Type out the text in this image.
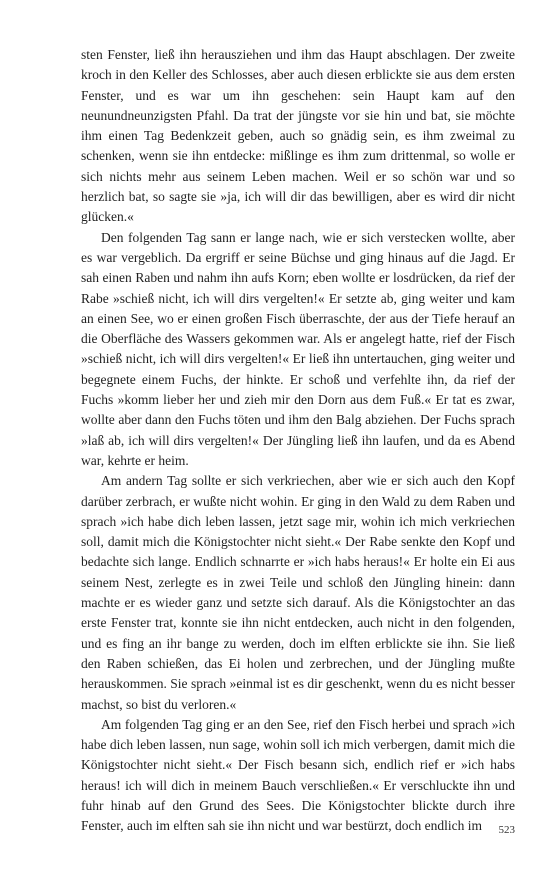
sten Fenster, ließ ihn herausziehen und ihm das Haupt abschlagen. Der zweite kroch in den Keller des Schlosses, aber auch diesen erblickte sie aus dem ersten Fenster, und es war um ihn geschehen: sein Haupt kam auf den neunundneunzigsten Pfahl. Da trat der jüngste vor sie hin und bat, sie möchte ihm einen Tag Bedenkzeit geben, auch so gnädig sein, es ihm zweimal zu schenken, wenn sie ihn entdecke: mißlinge es ihm zum drittenmal, so wolle er sich nichts mehr aus seinem Leben machen. Weil er so schön war und so herzlich bat, so sagte sie »ja, ich will dir das bewilligen, aber es wird dir nicht glücken.«

Den folgenden Tag sann er lange nach, wie er sich verstecken wollte, aber es war vergeblich. Da ergriff er seine Büchse und ging hinaus auf die Jagd. Er sah einen Raben und nahm ihn aufs Korn; eben wollte er losdrücken, da rief der Rabe »schieß nicht, ich will dirs vergelten!« Er setzte ab, ging weiter und kam an einen See, wo er einen großen Fisch überraschte, der aus der Tiefe herauf an die Oberfläche des Wassers gekommen war. Als er angelegt hatte, rief der Fisch »schieß nicht, ich will dirs vergelten!« Er ließ ihn untertauchen, ging weiter und begegnete einem Fuchs, der hinkte. Er schoß und verfehlte ihn, da rief der Fuchs »komm lieber her und zieh mir den Dorn aus dem Fuß.« Er tat es zwar, wollte aber dann den Fuchs töten und ihm den Balg abziehen. Der Fuchs sprach »laß ab, ich will dirs vergelten!« Der Jüngling ließ ihn laufen, und da es Abend war, kehrte er heim.

Am andern Tag sollte er sich verkriechen, aber wie er sich auch den Kopf darüber zerbrach, er wußte nicht wohin. Er ging in den Wald zu dem Raben und sprach »ich habe dich leben lassen, jetzt sage mir, wohin ich mich verkriechen soll, damit mich die Königstochter nicht sieht.« Der Rabe senkte den Kopf und bedachte sich lange. Endlich schnarrte er »ich habs heraus!« Er holte ein Ei aus seinem Nest, zerlegte es in zwei Teile und schloß den Jüngling hinein: dann machte er es wieder ganz und setzte sich darauf. Als die Königstochter an das erste Fenster trat, konnte sie ihn nicht entdecken, auch nicht in den folgenden, und es fing an ihr bange zu werden, doch im elften erblickte sie ihn. Sie ließ den Raben schießen, das Ei holen und zerbrechen, und der Jüngling mußte herauskommen. Sie sprach »einmal ist es dir geschenkt, wenn du es nicht besser machst, so bist du verloren.«

Am folgenden Tag ging er an den See, rief den Fisch herbei und sprach »ich habe dich leben lassen, nun sage, wohin soll ich mich verbergen, damit mich die Königstochter nicht sieht.« Der Fisch besann sich, endlich rief er »ich habs heraus! ich will dich in meinem Bauch verschließen.« Er verschluckte ihn und fuhr hinab auf den Grund des Sees. Die Königstochter blickte durch ihre Fenster, auch im elften sah sie ihn nicht und war bestürzt, doch endlich im	523
